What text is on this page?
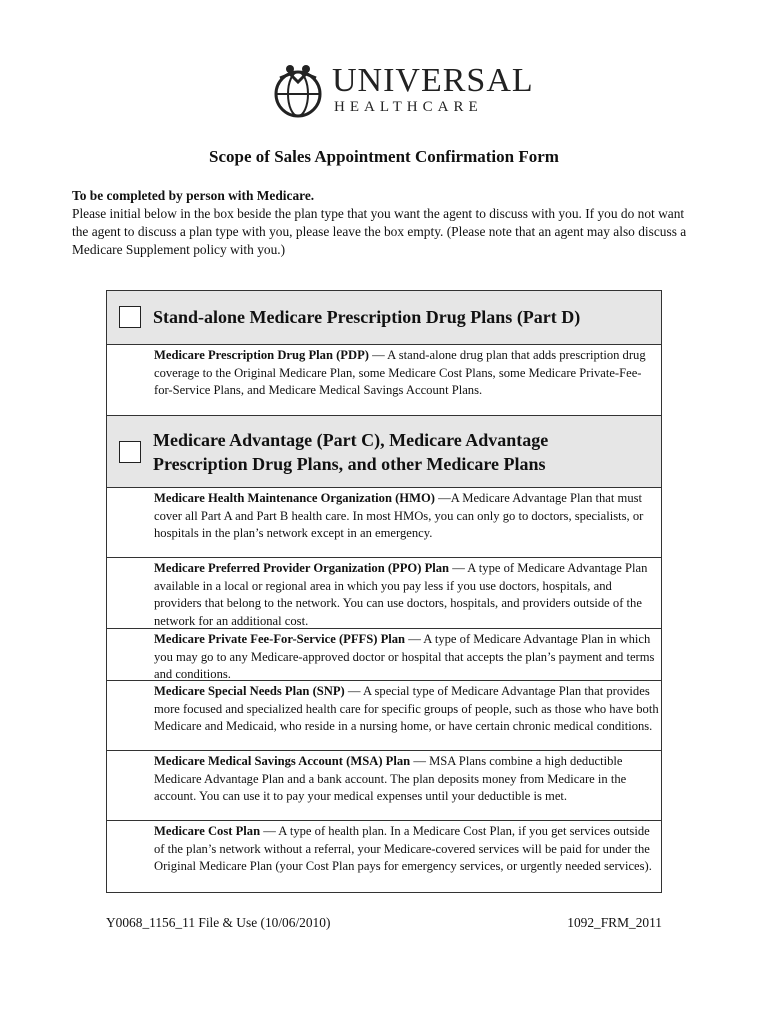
UNIVERSAL
HEALTHCARE
Scope of Sales Appointment Confirmation Form
To be completed by person with Medicare.
Please initial below in the box beside the plan type that you want the agent to discuss with you. If you do not want the agent to discuss a plan type with you, please leave the box empty. (Please note that an agent may also discuss a Medicare Supplement policy with you.)
Stand-alone Medicare Prescription Drug Plans (Part D)
Medicare Prescription Drug Plan (PDP) — A stand-alone drug plan that adds prescription drug coverage to the Original Medicare Plan, some Medicare Cost Plans, some Medicare Private-Fee-for-Service Plans, and Medicare Medical Savings Account Plans.
Medicare Advantage (Part C), Medicare Advantage
Prescription Drug Plans, and other Medicare Plans
Medicare Health Maintenance Organization (HMO) —A Medicare Advantage Plan that must cover all Part A and Part B health care. In most HMOs, you can only go to doctors, specialists, or hospitals in the plan’s network except in an emergency.
Medicare Preferred Provider Organization (PPO) Plan — A type of Medicare Advantage Plan available in a local or regional area in which you pay less if you use doctors, hospitals, and providers that belong to the network. You can use doctors, hospitals, and providers outside of the network for an additional cost.
Medicare Private Fee-For-Service (PFFS) Plan — A type of Medicare Advantage Plan in which you may go to any Medicare-approved doctor or hospital that accepts the plan’s payment and terms and conditions.
Medicare Special Needs Plan (SNP) — A special type of Medicare Advantage Plan that provides more focused and specialized health care for specific groups of people, such as those who have both Medicare and Medicaid, who reside in a nursing home, or have certain chronic medical conditions.
Medicare Medical Savings Account (MSA) Plan — MSA Plans combine a high deductible Medicare Advantage Plan and a bank account. The plan deposits money from Medicare in the account. You can use it to pay your medical expenses until your deductible is met.
Medicare Cost Plan — A type of health plan. In a Medicare Cost Plan, if you get services outside of the plan’s network without a referral, your Medicare-covered services will be paid for under the Original Medicare Plan (your Cost Plan pays for emergency services, or urgently needed services).
Y0068_1156_11 File & Use (10/06/2010)	1092_FRM_2011
